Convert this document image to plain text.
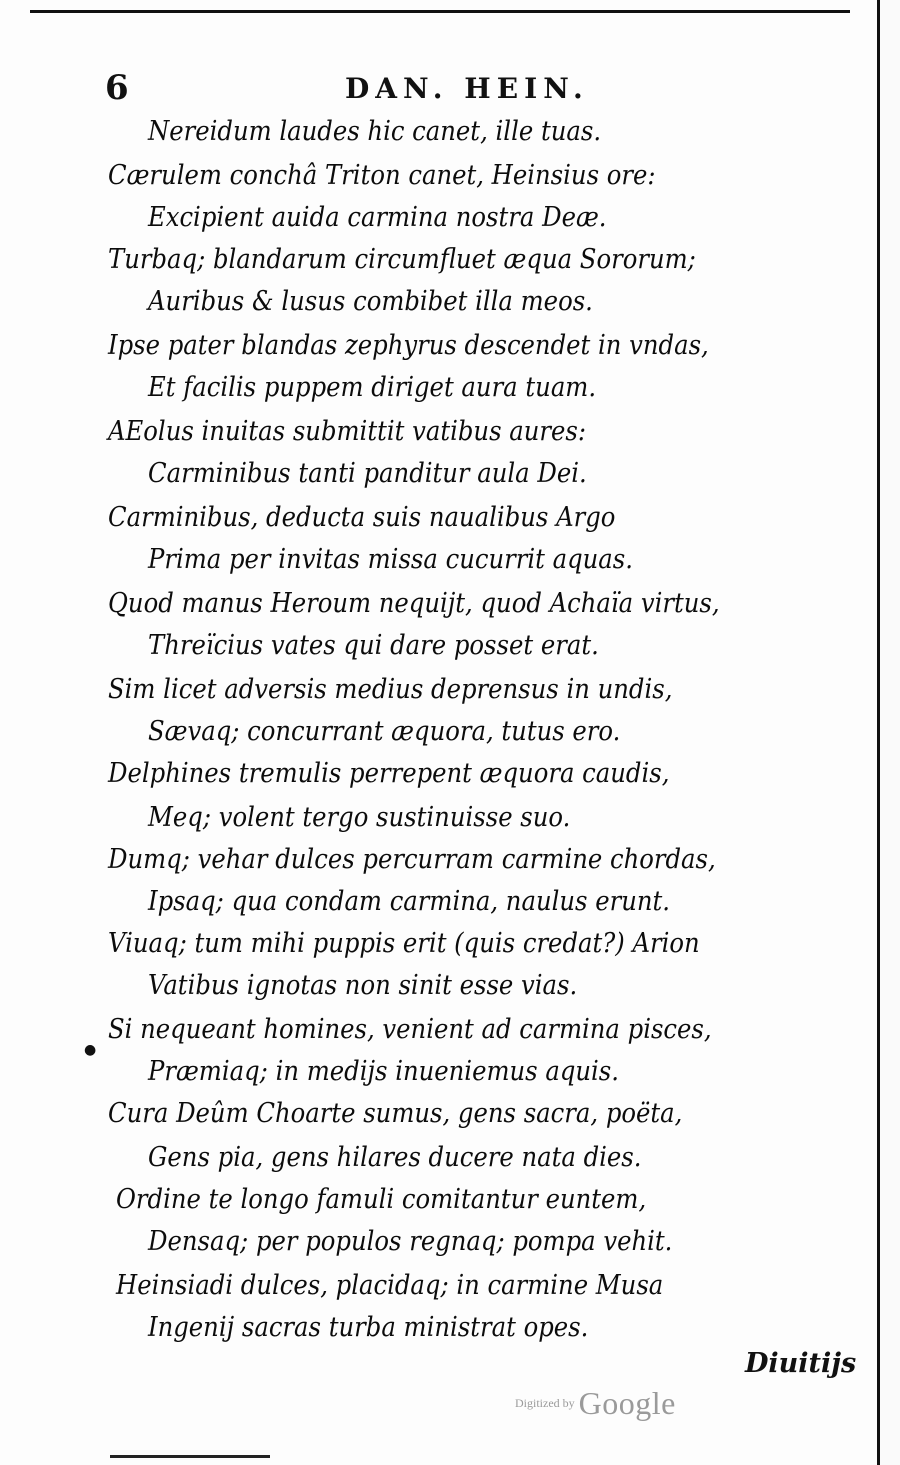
6	DAN. HEIN.
Nereidum laudes hic canet, ille tuas.
Cærulem conchâ Triton canet, Heinsius ore:
Excipient auida carmina nostra Deæ.
Turbaq; blandarum circumfluet æqua Sororum;
Auribus & lusus combibet illa meos.
Ipse pater blandas zephyrus descendet in vndas,
Et facilis puppem diriget aura tuam.
AEolus inuitas submittit vatibus aures:
Carminibus tanti panditur aula Dei.
Carminibus, deducta suis naualibus Argo
Prima per invitas missa cucurrit aquas.
Quod manus Heroum nequijt, quod Achaïa virtus,
Threïcius vates qui dare posset erat.
Sim licet adversis medius deprensus in undis,
Sævaq; concurrant æquora, tutus ero.
Delphines tremulis perrepent æquora caudis,
Meq; volent tergo sustinuisse suo.
Dumq; vehar dulces percurram carmine chordas,
Ipsaq; qua condam carmina, naulus erunt.
Viuaq; tum mihi puppis erit (quis credat?) Arion
Vatibus ignotas non sinit esse vias.
Si nequeant homines, venient ad carmina pisces,
Præmiaq; in medijs inueniemus aquis.
Cura Deûm Choarte sumus, gens sacra, poëta,
Gens pia, gens hilares ducere nata dies.
Ordine te longo famuli comitantur euntem,
Densaq; per populos regnaq; pompa vehit.
Heinsiadi dulces, placidaq; in carmine Musa
Ingenij sacras turba ministrat opes.
●
Diuitijs
Digitized by Google
